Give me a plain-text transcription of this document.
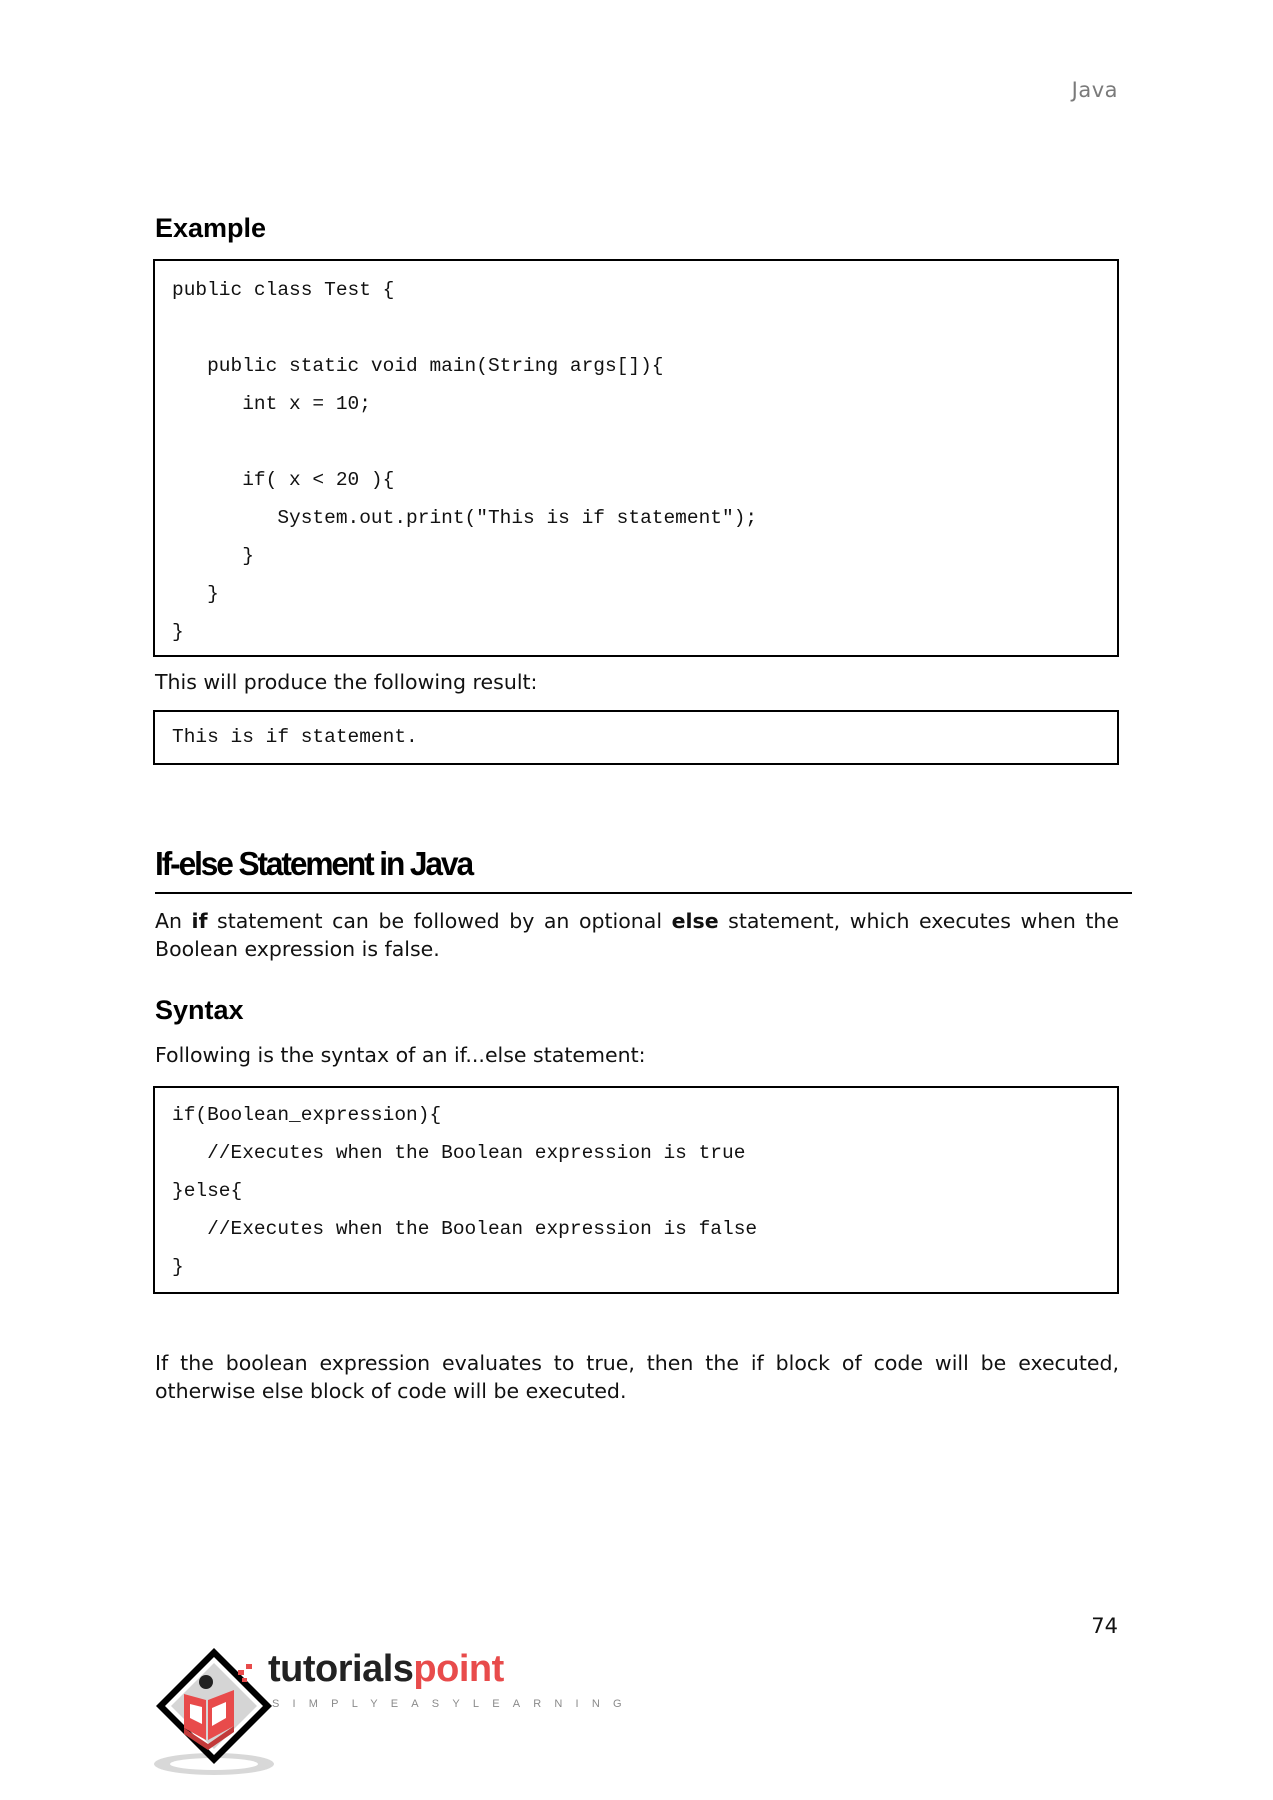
Java
Example
public class Test {

public static void main(String args[]){
int x = 10;

if( x < 20 ){
System.out.print("This is if statement");
}
}
}

This will produce the following result:

This is if statement.
If-else Statement in Java

An if statement can be followed by an optional else statement, which executes when the Boolean expression is false.

Syntax

Following is the syntax of an if...else statement:

if(Boolean_expression){
//Executes when the Boolean expression is true
}else{
//Executes when the Boolean expression is false
}

If the boolean expression evaluates to true, then the if block of code will be executed, otherwise else block of code will be executed.

74
tutorialspoint
SIMPLYEASYLEARNING
